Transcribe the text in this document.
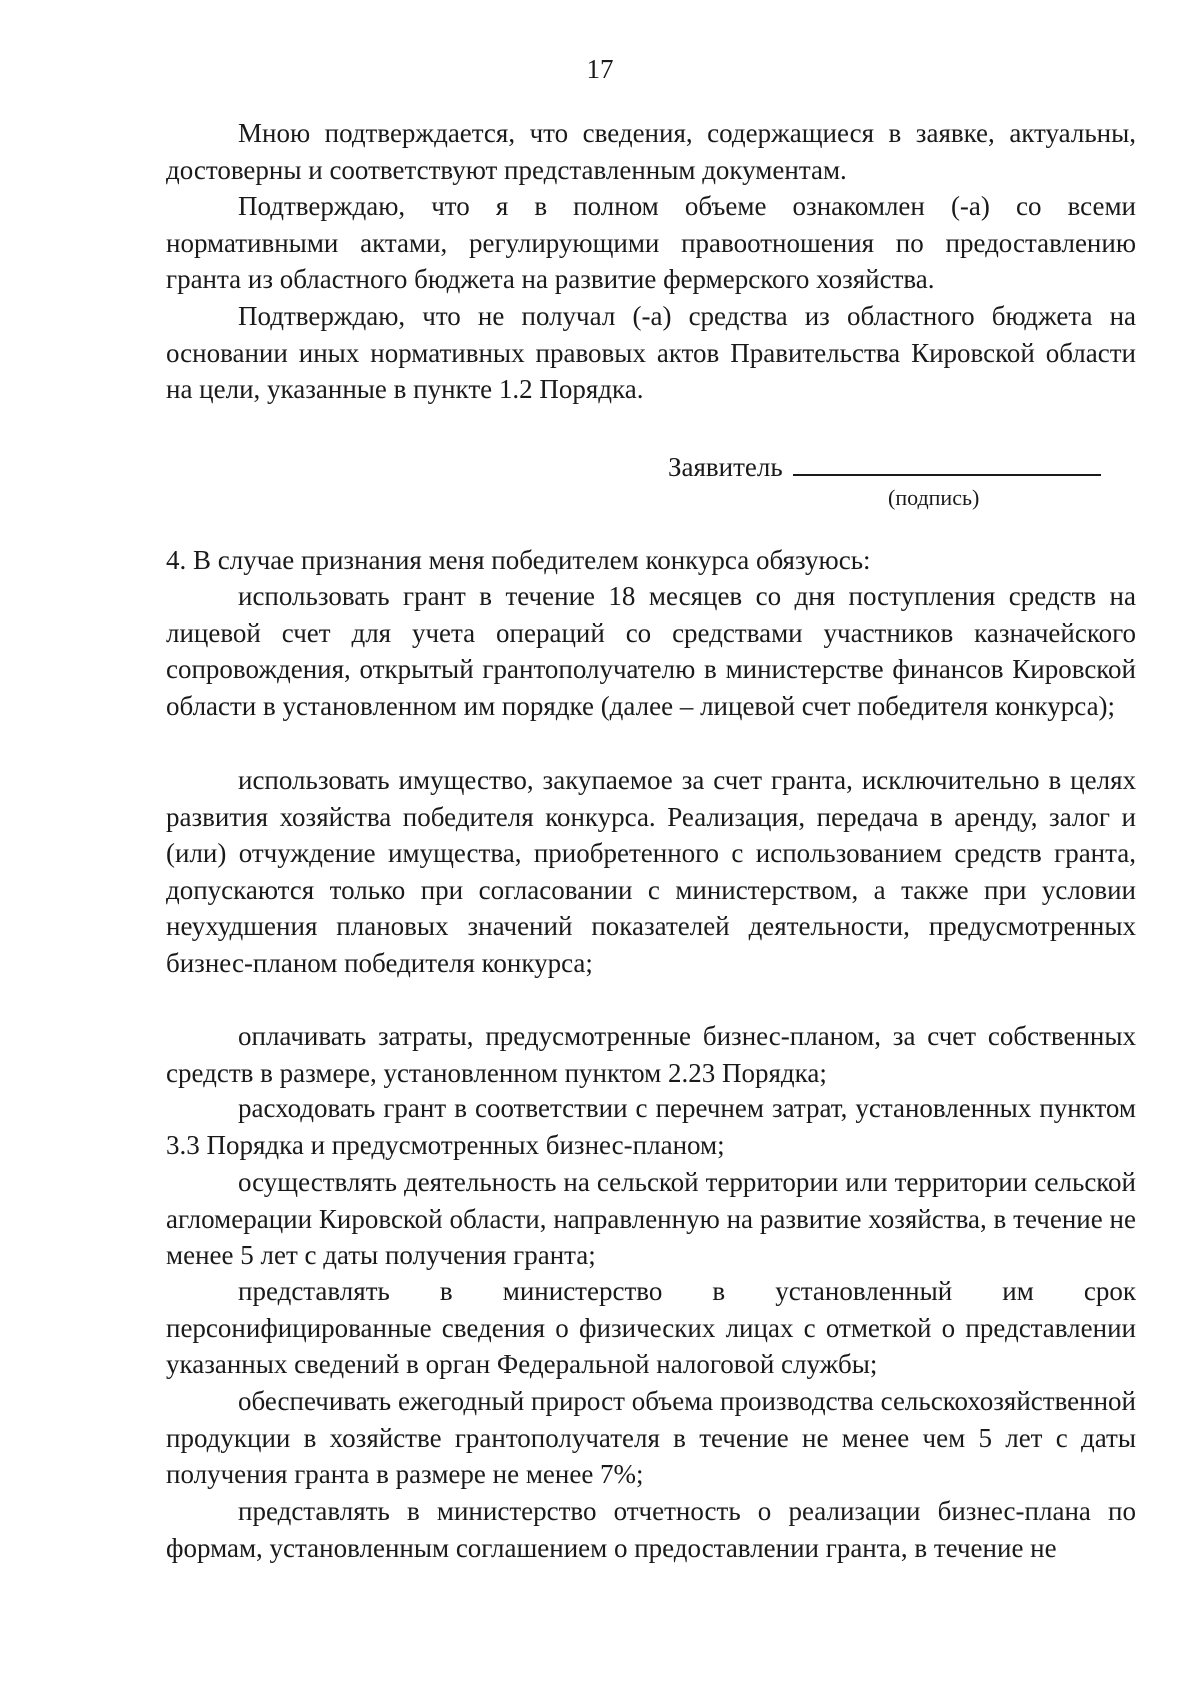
17

Мною подтверждается, что сведения, содержащиеся в заявке, актуальны, достоверны и соответствуют представленным документам.

Подтверждаю, что я в полном объеме ознакомлен (-а) со всеми нормативными актами, регулирующими правоотношения по предоставлению гранта из областного бюджета на развитие фермерского хозяйства.

Подтверждаю, что не получал (-а) средства из областного бюджета на основании иных нормативных правовых актов Правительства Кировской области на цели, указанные в пункте 1.2 Порядка.

Заявитель
(подпись)

4. В случае признания меня победителем конкурса обязуюсь:

использовать грант в течение 18 месяцев со дня поступления средств на лицевой счет для учета операций со средствами участников казначейского сопровождения, открытый грантополучателю в министерстве финансов Кировской области в установленном им порядке (далее – лицевой счет победителя конкурса);

использовать имущество, закупаемое за счет гранта, исключительно в целях развития хозяйства победителя конкурса. Реализация, передача в аренду, залог и (или) отчуждение имущества, приобретенного с использованием средств гранта, допускаются только при согласовании с министерством, а также при условии неухудшения плановых значений показателей деятельности, предусмотренных бизнес-планом победителя конкурса;

оплачивать затраты, предусмотренные бизнес-планом, за счет собственных средств в размере, установленном пунктом 2.23 Порядка;

расходовать грант в соответствии с перечнем затрат, установленных пунктом 3.3 Порядка и предусмотренных бизнес-планом;

осуществлять деятельность на сельской территории или территории сельской агломерации Кировской области, направленную на развитие хозяйства, в течение не менее 5 лет с даты получения гранта;

представлять в министерство в установленный им срок персонифицированные сведения о физических лицах с отметкой о представлении указанных сведений в орган Федеральной налоговой службы;

обеспечивать ежегодный прирост объема производства сельскохозяйственной продукции в хозяйстве грантополучателя в течение не менее чем 5 лет с даты получения гранта в размере не менее 7%;

представлять в министерство отчетность о реализации бизнес-плана по формам, установленным соглашением о предоставлении гранта, в течение не
